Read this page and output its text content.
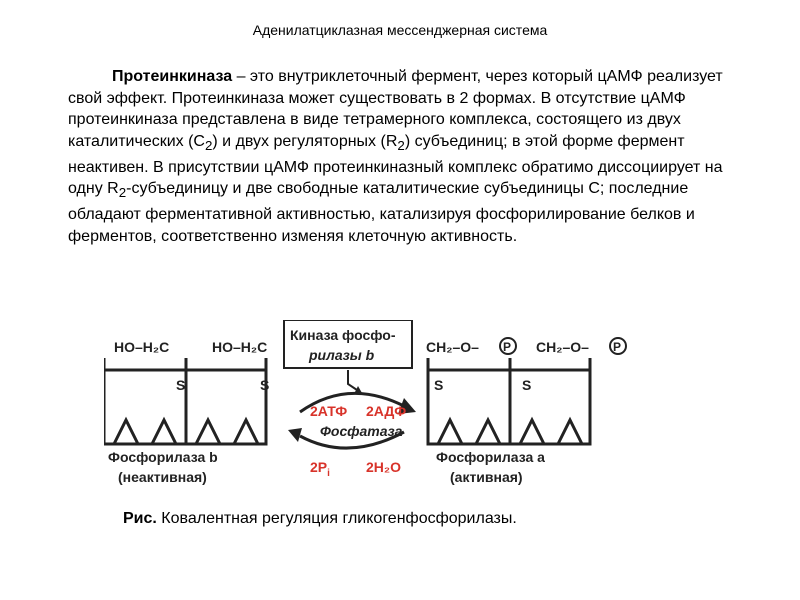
Аденилатциклазная мессенджерная система

Протеинкиназа – это внутриклеточный фермент, через который цАМФ реализует свой эффект. Протеинкиназа может существовать в 2 формах. В отсутствие цАМФ протеинкиназа представлена в виде тетрамерного комплекса, состоящего из двух каталитических $(C_2)$ и двух регуляторных $(R_2)$ субъединиц; в этой форме фермент неактивен. В присутствии цАМФ протеинкиназный комплекс обратимо диссоциирует на одну $R_2$-субъединицу и две свободные каталитические субъединицы С; последние обладают ферментативной активностью, катализируя фосфорилирование белков и ферментов, соответственно изменяя клеточную активность.

HO–H₂C	HO–H₂C
S	S
CH₂–O–	CH₂–O–
P	P
S	S
Киназа фосфо-
рилазы b
2АТФ 2АДФ
Фосфатаза
$2P_i$	2H₂O
Фосфорилаза b
(неактивная)
Фосфорилаза a
(активная)
Рис. Ковалентная регуляция гликогенфосфорилазы.
